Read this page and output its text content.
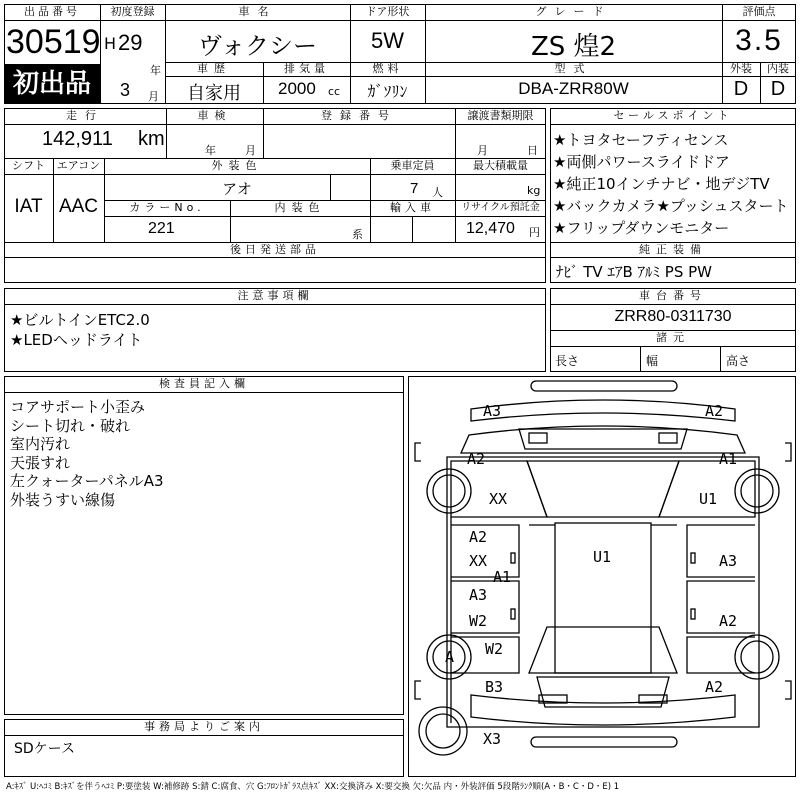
出品番号
30519
初出品
初度登録
H 29
年
3 月
車名
ヴォクシー
ドア形状
5W
グレード
ZS 煌2
評価点
3.5
車歴
自家用
排気量
2000 cc
燃料
ｶﾞｿﾘﾝ
型式
DBA-ZRR80W
外装
D
内装
D
走行
142,911 km
車検
年	月
登録番号	譲渡書類期限
月	日
シフト
IAT
エアコン
AAC
外装色
アオ
乗車定員
7 人
最大積載量
kg
カラーNo.
221
内装色
系
輸入車	リサイクル預託金
12,470 円
後日発送部品
セールスポイント
★トヨタセーフティセンス
★両側パワースライドドア
★純正10インチナビ・地デジTV
★バックカメラ★プッシュスタート
★フリップダウンモニター
純正装備
ﾅﾋﾞ TV ｴｱB ｱﾙﾐ PS PW
注意事項欄
★ビルトインETC2.0
★LEDヘッドライト
車台番号
ZRR80-0311730
諸元
長さ	幅	高さ
検査員記入欄
コアサポート小歪み
シート切れ・破れ
室内汚れ
天張すれ
左クォーターパネルA3
外装うすい線傷
事務局よりご案内
SDケース
A3	A2
A2	A1
XX	U1
U1
A2
XX	A3
A1
A3
W2	A2
W2
A
B3	A2
X3
A:ｷｽﾞ U:ﾍｺﾐ B:ｷｽﾞを伴うﾍｺﾐ P:要塗装 W:補修跡 S:錆 C:腐食、穴 G:ﾌﾛﾝﾄｶﾞﾗｽ点ｷｽﾞ XX:交換済み X:要交換 欠:欠品 内・外装評価 5段階ﾗﾝｸ順(A・B・C・D・E) 1
